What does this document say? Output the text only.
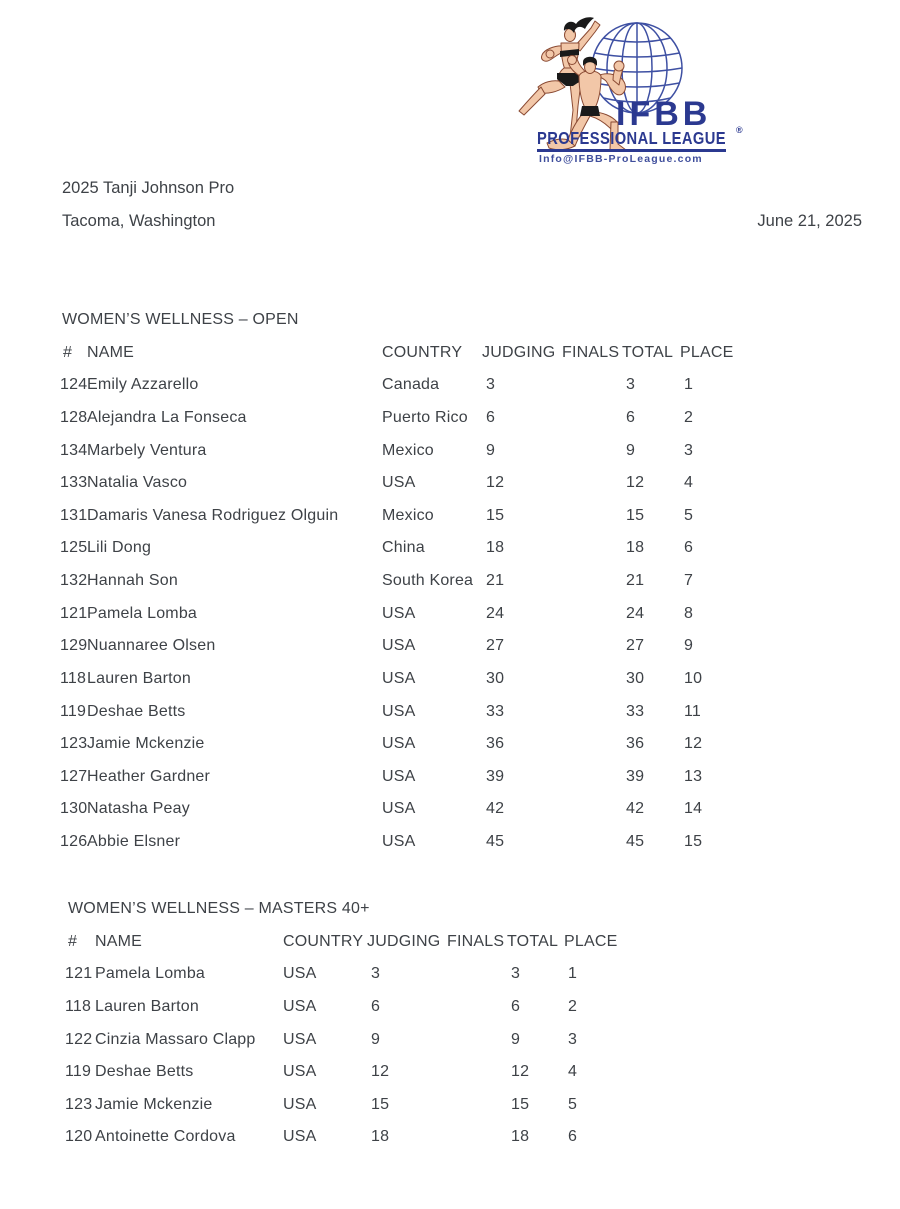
IFBB
PROFESSIONAL LEAGUE ®
Info@IFBB-ProLeague.com
2025 Tanji Johnson Pro
Tacoma, Washington	June 21, 2025
WOMEN’S WELLNESS – OPEN
# NAME	COUNTRY	JUDGING FINALS TOTAL PLACE
124 Emily Azzarello	Canada	3	3	1
128 Alejandra La Fonseca	Puerto Rico	6	6	2
134 Marbely Ventura	Mexico	9	9	3
133 Natalia Vasco	USA	12	12	4
131 Damaris Vanesa Rodriguez Olguin	Mexico	15	15	5
125 Lili Dong	China	18	18	6
132 Hannah Son	South Korea 21	21	7
121 Pamela Lomba	USA	24	24	8
129 Nuannaree Olsen	USA	27	27	9
118 Lauren Barton	USA	30	30	10
119 Deshae Betts	USA	33	33	11
123 Jamie Mckenzie	USA	36	36	12
127 Heather Gardner	USA	39	39	13
130 Natasha Peay	USA	42	42	14
126 Abbie Elsner	USA	45	45	15
WOMEN’S WELLNESS – MASTERS 40+
#	NAME	COUNTRY JUDGING FINALS TOTAL PLACE
121 Pamela Lomba	USA	3	3	1
118 Lauren Barton	USA	6	6	2
122 Cinzia Massaro Clapp	USA	9	9	3
119 Deshae Betts	USA	12	12	4
123 Jamie Mckenzie	USA	15	15	5
120 Antoinette Cordova	USA	18	18	6
